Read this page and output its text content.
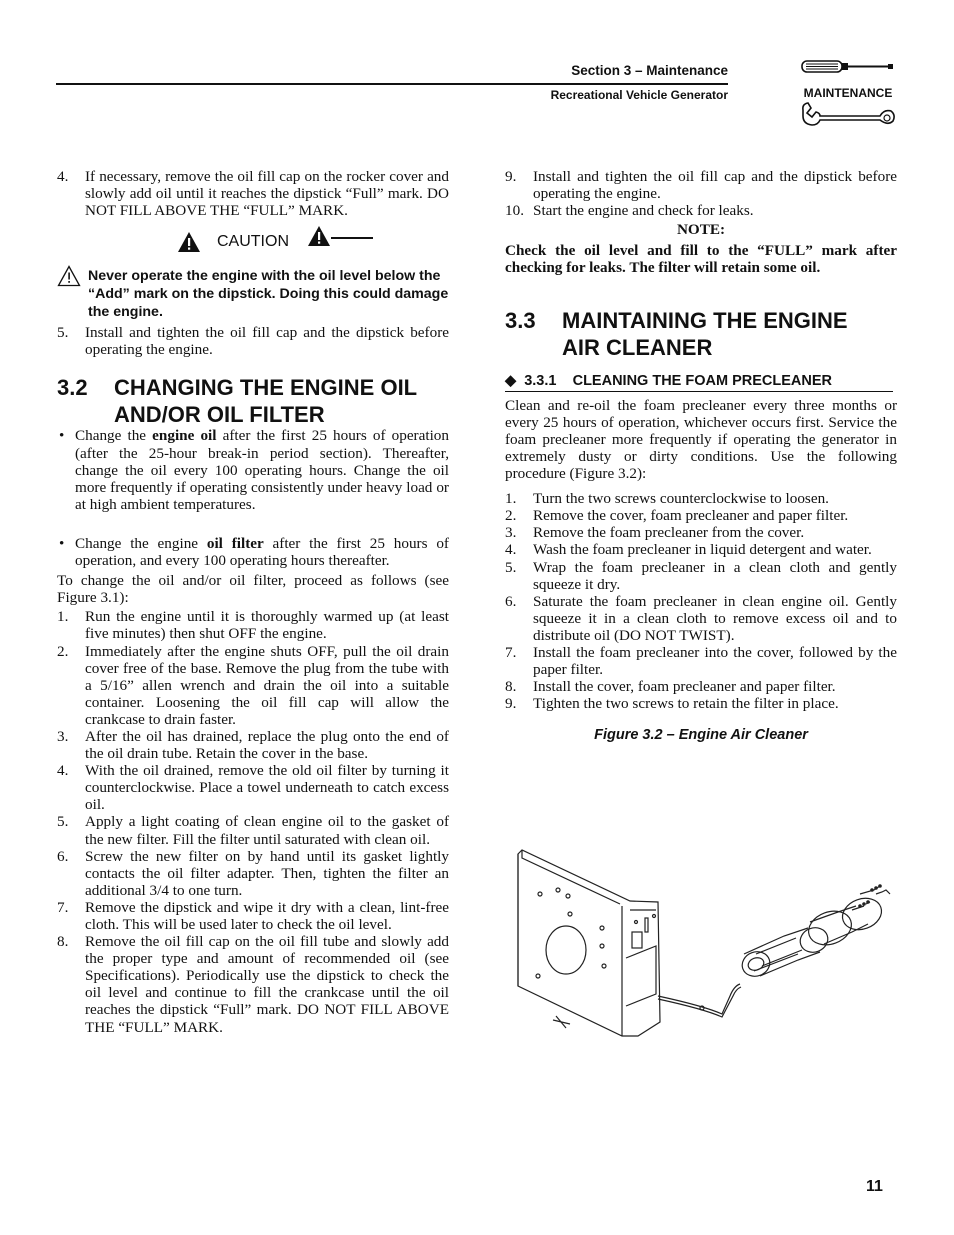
Section 3 – Maintenance
Recreational Vehicle Generator	MAINTENANCE
4. If necessary, remove the oil fill cap on the rocker cover and slowly add oil until it reaches the dipstick “Full” mark. DO NOT FILL ABOVE THE “FULL” MARK.
CAUTION
Never operate the engine with the oil level below the “Add” mark on the dipstick. Doing this could damage the engine.
5. Install and tighten the oil fill cap and the dipstick before operating the engine.
3.2 CHANGING THE ENGINE OIL
AND/OR OIL FILTER
• Change the engine oil after the first 25 hours of operation (after the 25-hour break-in period section). Thereafter, change the oil every 100 operating hours. Change the oil more frequently if operating consistently under heavy load or at high ambient temperatures.
• Change the engine oil filter after the first 25 hours of operation, and every 100 operating hours thereafter.

To change the oil and/or oil filter, proceed as follows (see Figure 3.1):

1. Run the engine until it is thoroughly warmed up (at least five minutes) then shut OFF the engine.
2. Immediately after the engine shuts OFF, pull the oil drain cover free of the base. Remove the plug from the tube with a 5/16” allen wrench and drain the oil into a suitable container. Loosening the oil fill cap will allow the crankcase to drain faster.
3. After the oil has drained, replace the plug onto the end of the oil drain tube. Retain the cover in the base.
4. With the oil drained, remove the old oil filter by turning it counterclockwise. Place a towel underneath to catch excess oil.
5. Apply a light coating of clean engine oil to the gasket of the new filter. Fill the filter until saturated with clean oil.
6. Screw the new filter on by hand until its gasket lightly contacts the oil filter adapter. Then, tighten the filter an additional 3/4 to one turn.
7. Remove the dipstick and wipe it dry with a clean, lint-free cloth. This will be used later to check the oil level.
8. Remove the oil fill cap on the oil fill tube and slowly add the proper type and amount of recommended oil (see Specifications). Periodically use the dipstick to check the oil level and continue to fill the crankcase until the oil reaches the dipstick “Full” mark. DO NOT FILL ABOVE THE “FULL” MARK.
9. Install and tighten the oil fill cap and the dipstick before operating the engine.
10. Start the engine and check for leaks.
NOTE:

Check the oil level and fill to the “FULL” mark after checking for leaks. The filter will retain some oil.

3.3 MAINTAINING THE ENGINE
AIR CLEANER
◆ 3.3.1 CLEANING THE FOAM PRECLEANER

Clean and re-oil the foam precleaner every three months or every 25 hours of operation, whichever occurs first. Service the foam precleaner more frequently if operating the generator in extremely dusty or dirty conditions. Use the following procedure (Figure 3.2):

1. Turn the two screws counterclockwise to loosen.
2. Remove the cover, foam precleaner and paper filter.
3. Remove the foam precleaner from the cover.
4. Wash the foam precleaner in liquid detergent and water.
5. Wrap the foam precleaner in a clean cloth and gently squeeze it dry.
6. Saturate the foam precleaner in clean engine oil. Gently squeeze it in a clean cloth to remove excess oil and to distribute oil (DO NOT TWIST).
7. Install the foam precleaner into the cover, followed by the paper filter.
8. Install the cover, foam precleaner and paper filter.
9. Tighten the two screws to retain the filter in place.
Figure 3.2 – Engine Air Cleaner
11
